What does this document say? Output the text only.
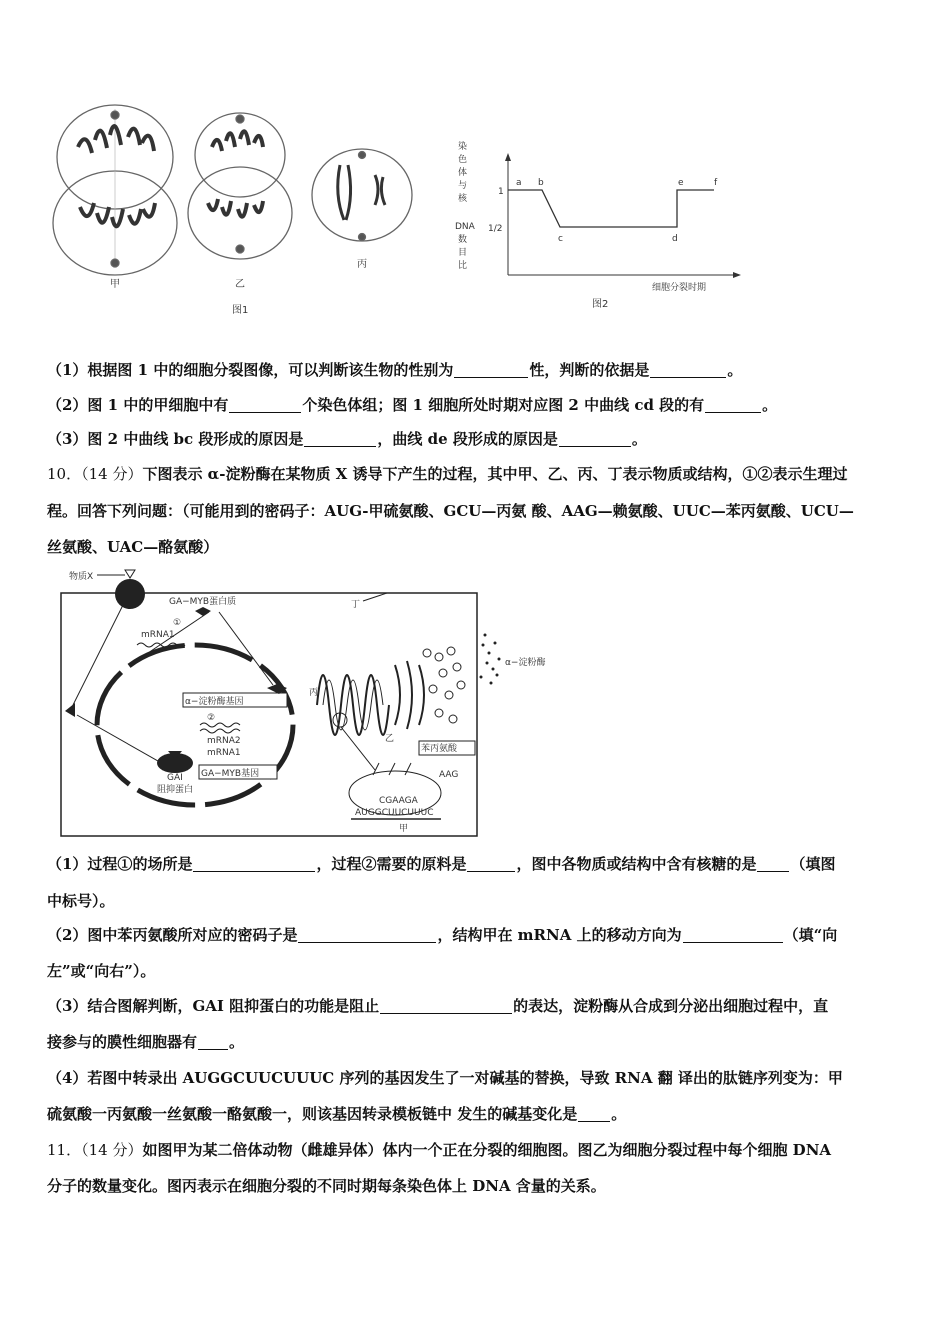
甲	乙
丙
图1
染
色
体
与
核
DNA
数
目
比
1
1/2
a b
c	d
e	f
细胞分裂时期
图2
（1）根据图 1 中的细胞分裂图像，可以判断该生物的性别为	性，判断的依据是	。
（2）图 1 中的甲细胞中有	个染色体组；图 1 细胞所处时期对应图 2 中曲线 cd 段的有	。
（3）图 2 中曲线 bc 段形成的原因是	，曲线 de 段形成的原因是	。
10．（14 分）下图表示 α-淀粉酶在某物质 X 诱导下产生的过程，其中甲、乙、丙、丁表示物质或结构，①②表示生理过
程。回答下列问题：（可能用到的密码子：AUG-甲硫氨酸、GCU—丙氨 酸、AAG—赖氨酸、UUC—苯丙氨酸、UCU—
丝氨酸、UAC—酪氨酸）
物质X
GA−MYB蛋白质
①
mRNA1
丁
α−淀粉酶基因
②
mRNA2
mRNA1
GAI
阻抑蛋白
GA−MYB基因
丙
乙
α−淀粉酶
苯丙氨酸
CGAAGA
AAG
AUGGCUUCUUUC
甲
（1）过程①的场所是	，过程②需要的原料是	，图中各物质或结构中含有核糖的是 （填图
中标号）。
（2）图中苯丙氨酸所对应的密码子是	，结构甲在 mRNA 上的移动方向为	（填“向
左”或“向右”）。
（3）结合图解判断，GAI 阻抑蛋白的功能是阻止	的表达，淀粉酶从合成到分泌出细胞过程中，直
接参与的膜性细胞器有 。
（4）若图中转录出 AUGGCUUCUUUC 序列的基因发生了一对碱基的替换，导致 RNA 翻 译出的肽链序列变为：甲
硫氨酸一丙氨酸一丝氨酸一酪氨酸一，则该基因转录模板链中 发生的碱基变化是 。
11．（14 分）如图甲为某二倍体动物（雌雄异体）体内一个正在分裂的细胞图。图乙为细胞分裂过程中每个细胞 DNA
分子的数量变化。图丙表示在细胞分裂的不同时期每条染色体上 DNA 含量的关系。
